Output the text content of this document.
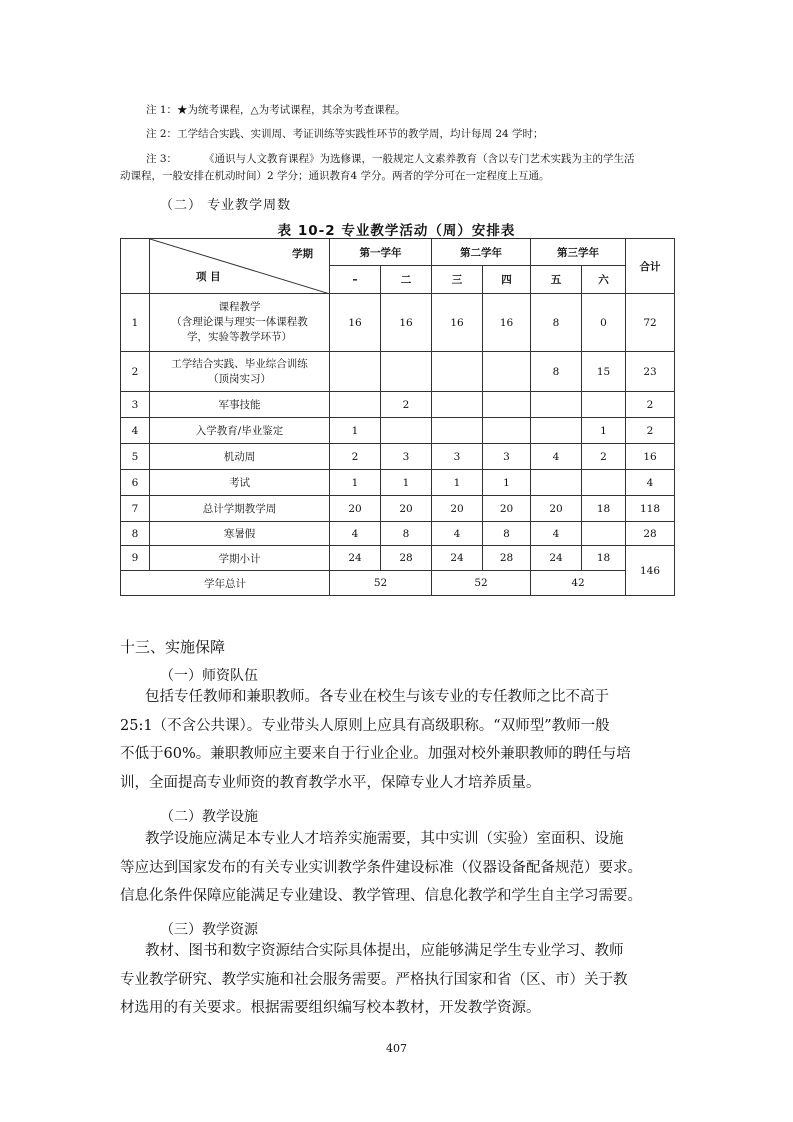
注 1：★为统考课程，△为考试课程，其余为考查课程。
注 2：工学结合实践、实训周、考证训练等实践性环节的教学周，均计每周 24 学时；
注 3：	《通识与人文教育课程》为选修课，一般规定人文素养教育（含以专门艺术实践为主的学生活
动课程，一般安排在机动时间）2 学分；通识教育4 学分。两者的学分可在一定程度上互通。
（二） 专业教学周数
表 10-2 专业教学活动（周）安排表

	学期
项 目	第一学年		第二学年		第三学年		合计
		–	二	三	四	五	六	
1	课程教学
（含理论课与理实一体课程教
学，实验等教学环节）	16	16	16	16	8	0	72
2	工学结合实践、毕业综合训练
（顶岗实习）					8	15	23
3	军事技能		2					2
4	入学教育/毕业鉴定	1					1	2
5	机动周	2	3	3	3	4	2	16
6	考试	1	1	1	1			4
7	总计学期教学周	20	20	20	20	20	18	118
8	寒暑假	4	8	4	8	4		28
9	学期小计	24	28	24	28	24	18	146
学年总计		52		52		42		
十三、实施保障
（一）师资队伍
包括专任教师和兼职教师。各专业在校生与该专业的专任教师之比不高于
25:1（不含公共课）。专业带头人原则上应具有高级职称。“双师型”教师一般
不低于60%。兼职教师应主要来自于行业企业。加强对校外兼职教师的聘任与培
训，全面提高专业师资的教育教学水平，保障专业人才培养质量。
（二）教学设施
教学设施应满足本专业人才培养实施需要，其中实训（实验）室面积、设施
等应达到国家发布的有关专业实训教学条件建设标准（仪器设备配备规范）要求。
信息化条件保障应能满足专业建设、教学管理、信息化教学和学生自主学习需要。
（三）教学资源
教材、图书和数字资源结合实际具体提出，应能够满足学生专业学习、教师
专业教学研究、教学实施和社会服务需要。严格执行国家和省（区、市）关于教
材选用的有关要求。根据需要组织编写校本教材，开发教学资源。
407
